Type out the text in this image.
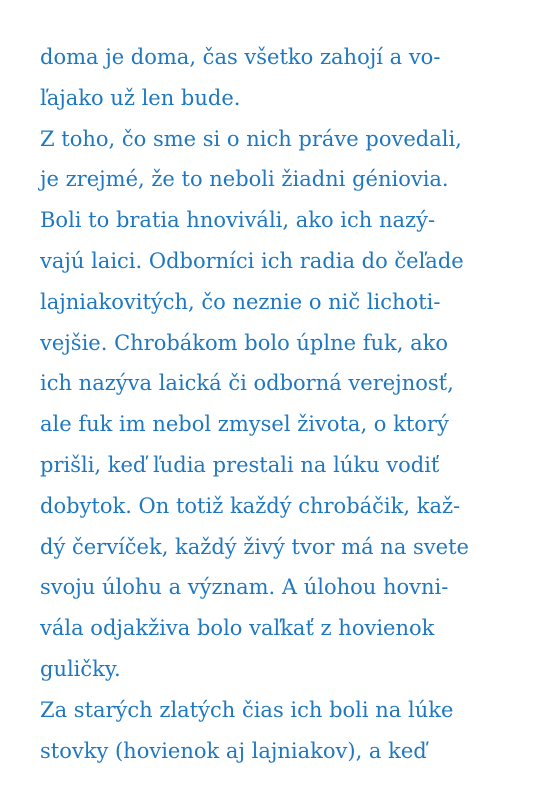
doma je doma, čas všetko zahojí a vo-
ľajako už len bude.
Z toho, čo sme si o nich práve povedali,
je zrejmé, že to neboli žiadni géniovia.
Boli to bratia hnoviváli, ako ich nazý-
vajú laici. Odborníci ich radia do čeľade
lajniakovitých, čo neznie o nič lichoti-
vejšie. Chrobákom bolo úplne fuk, ako
ich nazýva laická či odborná verejnosť,
ale fuk im nebol zmysel života, o ktorý
prišli, keď ľudia prestali na lúku vodiť
dobytok. On totiž každý chrobáčik, kaž-
dý červíček, každý živý tvor má na svete
svoju úlohu a význam. A úlohou hovni-
vála odjakživa bolo vaľkať z hovienok
guličky.
Za starých zlatých čias ich boli na lúke
stovky (hovienok aj lajniakov), a keď
